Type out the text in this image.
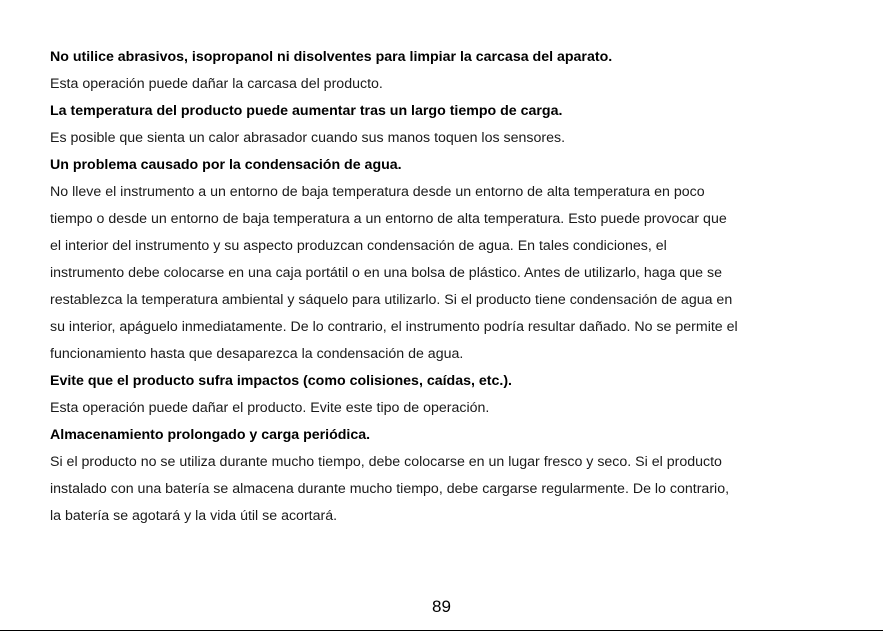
No utilice abrasivos, isopropanol ni disolventes para limpiar la carcasa del aparato.

Esta operación puede dañar la carcasa del producto.

La temperatura del producto puede aumentar tras un largo tiempo de carga.

Es posible que sienta un calor abrasador cuando sus manos toquen los sensores.

Un problema causado por la condensación de agua.

No lleve el instrumento a un entorno de baja temperatura desde un entorno de alta temperatura en poco

tiempo o desde un entorno de baja temperatura a un entorno de alta temperatura. Esto puede provocar que

el interior del instrumento y su aspecto produzcan condensación de agua. En tales condiciones, el

instrumento debe colocarse en una caja portátil o en una bolsa de plástico. Antes de utilizarlo, haga que se

restablezca la temperatura ambiental y sáquelo para utilizarlo. Si el producto tiene condensación de agua en

su interior, apáguelo inmediatamente. De lo contrario, el instrumento podría resultar dañado. No se permite el

funcionamiento hasta que desaparezca la condensación de agua.

Evite que el producto sufra impactos (como colisiones, caídas, etc.).

Esta operación puede dañar el producto. Evite este tipo de operación.

Almacenamiento prolongado y carga periódica.

Si el producto no se utiliza durante mucho tiempo, debe colocarse en un lugar fresco y seco. Si el producto

instalado con una batería se almacena durante mucho tiempo, debe cargarse regularmente. De lo contrario,

la batería se agotará y la vida útil se acortará.

89
